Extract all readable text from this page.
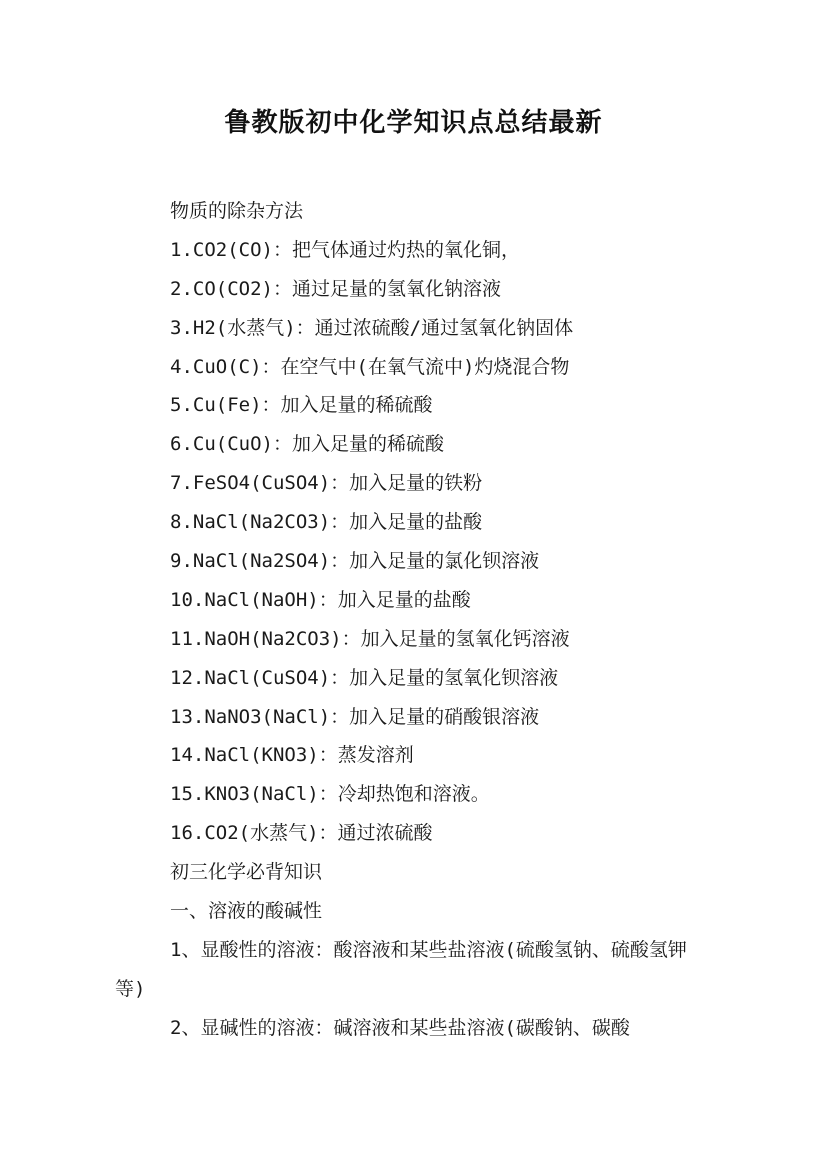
鲁教版初中化学知识点总结最新
物质的除杂方法
1.CO2(CO)：把气体通过灼热的氧化铜，
2.CO(CO2)：通过足量的氢氧化钠溶液
3.H2(水蒸气)：通过浓硫酸/通过氢氧化钠固体
4.CuO(C)：在空气中(在氧气流中)灼烧混合物
5.Cu(Fe)：加入足量的稀硫酸
6.Cu(CuO)：加入足量的稀硫酸
7.FeSO4(CuSO4)：加入足量的铁粉
8.NaCl(Na2CO3)：加入足量的盐酸
9.NaCl(Na2SO4)：加入足量的氯化钡溶液
10.NaCl(NaOH)：加入足量的盐酸
11.NaOH(Na2CO3)：加入足量的氢氧化钙溶液
12.NaCl(CuSO4)：加入足量的氢氧化钡溶液
13.NaNO3(NaCl)：加入足量的硝酸银溶液
14.NaCl(KNO3)：蒸发溶剂
15.KNO3(NaCl)：冷却热饱和溶液。
16.CO2(水蒸气)：通过浓硫酸
初三化学必背知识
一、溶液的酸碱性
1、显酸性的溶液：酸溶液和某些盐溶液(硫酸氢钠、硫酸氢钾等)
2、显碱性的溶液：碱溶液和某些盐溶液(碳酸钠、碳酸
